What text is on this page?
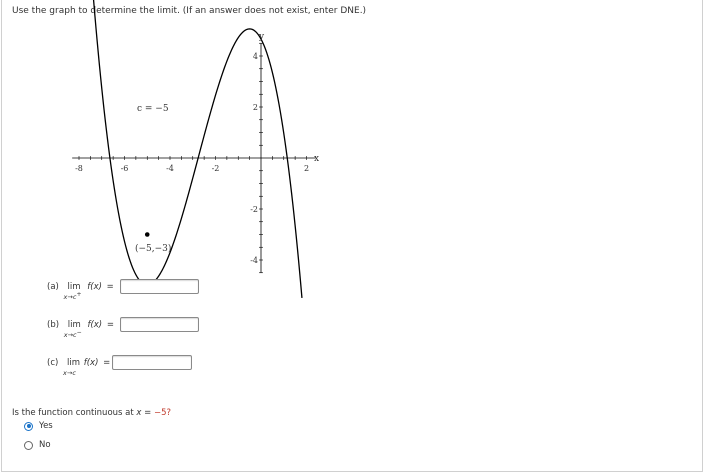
Use the graph to determine the limit. (If an answer does not exist, enter DNE.)
-8	-6	-4	-2	2
4
2
-2
-4
c = −5
(−5,−3)
y
x
(a) lim
x→c+
f(x) =
(b) lim
x→c−
f(x) =
(c) lim
x→c
f(x) =
Is the function continuous at x = −5?
Yes
No
